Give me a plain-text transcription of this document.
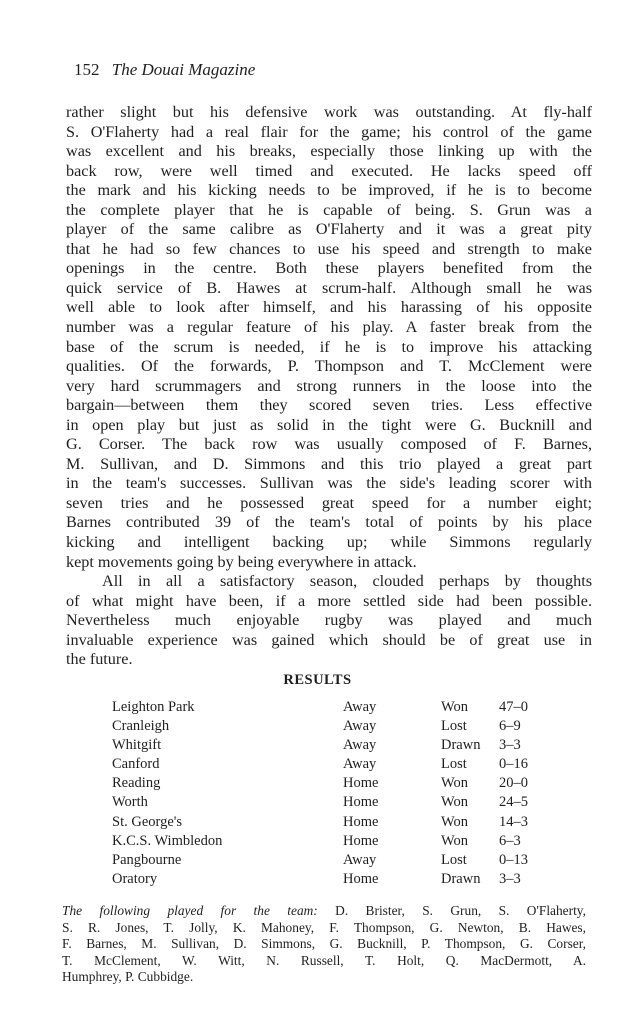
152 The Douai Magazine
rather slight but his defensive work was outstanding. At fly-half
S. O'Flaherty had a real flair for the game; his control of the game
was excellent and his breaks, especially those linking up with the
back row, were well timed and executed. He lacks speed off
the mark and his kicking needs to be improved, if he is to become
the complete player that he is capable of being. S. Grun was a
player of the same calibre as O'Flaherty and it was a great pity
that he had so few chances to use his speed and strength to make
openings in the centre. Both these players benefited from the
quick service of B. Hawes at scrum-half. Although small he was
well able to look after himself, and his harassing of his opposite
number was a regular feature of his play. A faster break from the
base of the scrum is needed, if he is to improve his attacking
qualities. Of the forwards, P. Thompson and T. McClement were
very hard scrummagers and strong runners in the loose into the
bargain—between them they scored seven tries. Less effective
in open play but just as solid in the tight were G. Bucknill and
G. Corser. The back row was usually composed of F. Barnes,
M. Sullivan, and D. Simmons and this trio played a great part
in the team's successes. Sullivan was the side's leading scorer with
seven tries and he possessed great speed for a number eight;
Barnes contributed 39 of the team's total of points by his place
kicking and intelligent backing up; while Simmons regularly
kept movements going by being everywhere in attack.
All in all a satisfactory season, clouded perhaps by thoughts
of what might have been, if a more settled side had been possible.
Nevertheless much enjoyable rugby was played and much
invaluable experience was gained which should be of great use in
the future.
RESULTS
Leighton Park	Away	Won 47–0
Cranleigh	Away	Lost 6–9
Whitgift	Away	Drawn 3–3
Canford	Away	Lost 0–16
Reading	Home	Won 20–0
Worth	Home	Won 24–5
St. George's	Home	Won 14–3
K.C.S. Wimbledon	Home	Won 6–3
Pangbourne	Away	Lost 0–13
Oratory	Home	Drawn 3–3
The following played for the team: D. Brister, S. Grun, S. O'Flaherty,
S. R. Jones, T. Jolly, K. Mahoney, F. Thompson, G. Newton, B. Hawes,
F. Barnes, M. Sullivan, D. Simmons, G. Bucknill, P. Thompson, G. Corser,
T. McClement, W. Witt, N. Russell, T. Holt, Q. MacDermott, A.
Humphrey, P. Cubbidge.
